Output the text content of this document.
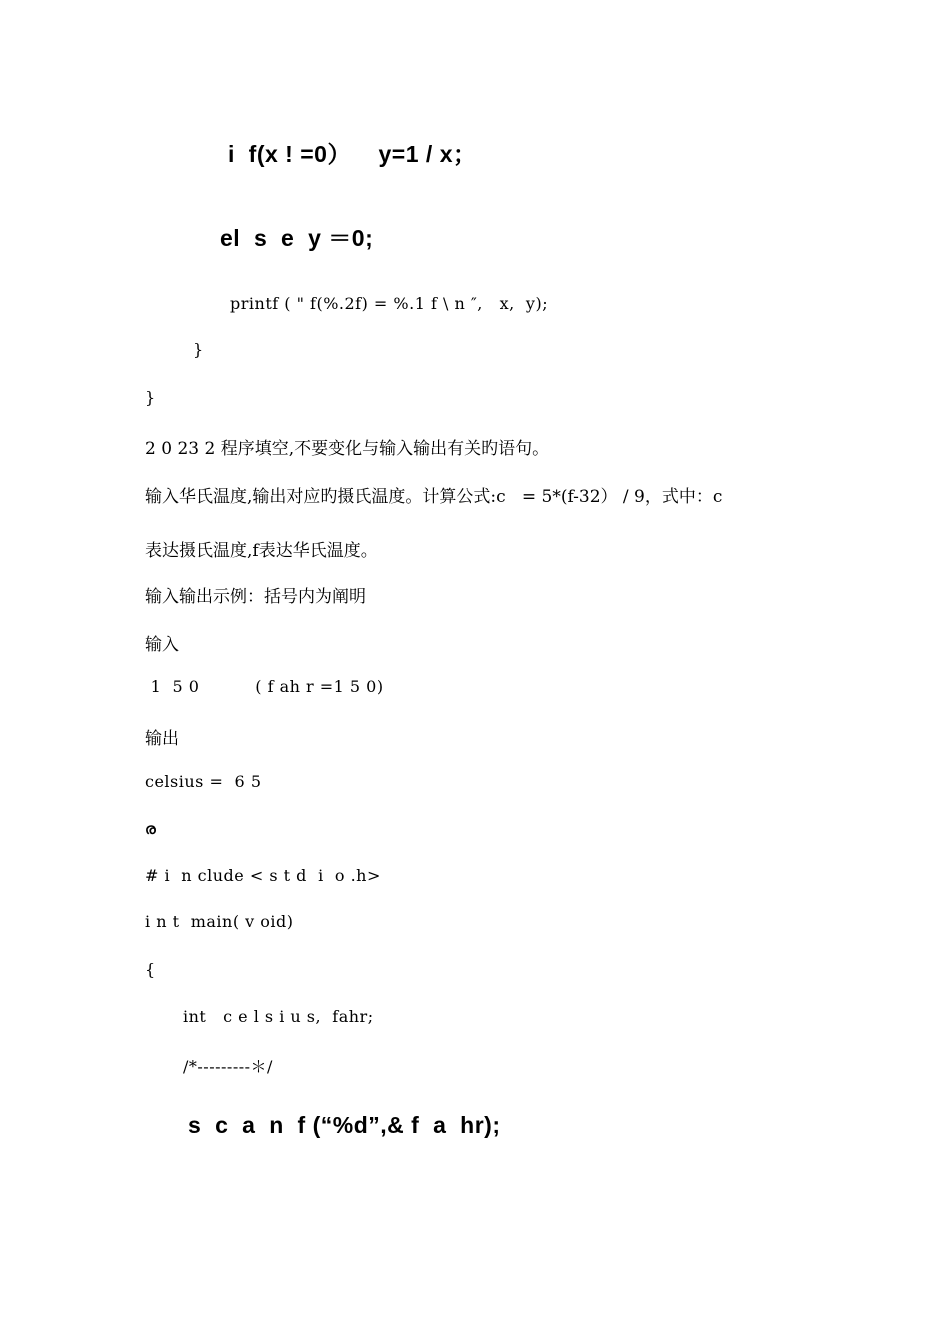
i  f(x ! =0）    y=1 / x；

el  s  e  y ＝0;

printf ( " f(%.2f) = %.1 f \ n ″,   x,  y);

}

}

2 0 23 2 程序填空,不要变化与输入输出有关旳语句。

输入华氏温度,输出对应旳摄氏温度。计算公式:c   = 5*(f-32） / 9，式中：c

表达摄氏温度,f表达华氏温度。

输入输出示例：括号内为阐明

输入

1  5 0          ( f ah r =1 5 0)

输出

celsius =  6 5

ര

# i  n clude < s t d  i  o .h>

i n t  main( v oid)

{

int   c e l s i u s,  fahr;

/*---------＊/

s  c  a  n  f (“%d”,& f  a  hr);
